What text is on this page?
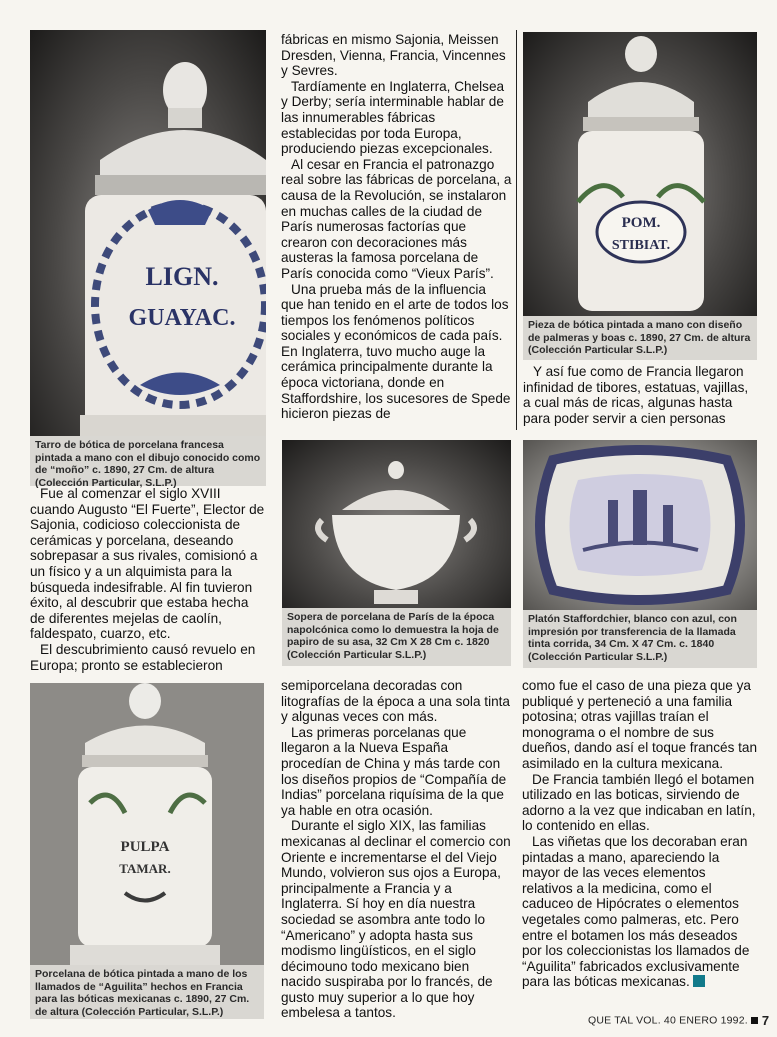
LIGN.
GUAYAC.
Tarro de bótica de porcelana francesa pintada a mano con el dibujo conocido como de “moño” c. 1890, 27 Cm. de altura (Colección Particular, S.L.P.)

Fue al comenzar el siglo XVIII cuando Augusto “El Fuerte”, Elector de Sajonia, codicioso coleccionista de cerámicas y porcelana, deseando sobrepasar a sus rivales, comisionó a un físico y a un alquimista para la búsqueda indesifrable. Al fin tuvieron éxito, al descubrir que estaba hecha de diferentes mejelas de caolín, faldespato, cuarzo, etc.

El descubrimiento causó revuelo en Europa; pronto se establecieron

fábricas en mismo Sajonia, Meissen Dresden, Vienna, Francia, Vincennes y Sevres.

Tardíamente en Inglaterra, Chelsea y Derby; sería interminable hablar de las innumerables fábricas establecidas por toda Europa, produciendo piezas excepcionales.

Al cesar en Francia el patronazgo real sobre las fábricas de porcelana, a causa de la Revolución, se instalaron en muchas calles de la ciudad de París numerosas factorías que crearon con decoraciones más austeras la famosa porcelana de París conocida como “Vieux París”.

Una prueba más de la influencia que han tenido en el arte de todos los tiempos los fenómenos políticos sociales y económicos de cada país. En Inglaterra, tuvo mucho auge la cerámica principalmente durante la época victoriana, donde en Staffordshire, los sucesores de Spede hicieron piezas de

POM.
STIBIAT.
Pieza de bótica pintada a mano con diseño de palmeras y boas c. 1890, 27 Cm. de altura (Colección Particular S.L.P.)

Y así fue como de Francia llegaron infinidad de tibores, estatuas, vajillas, a cual más de ricas, algunas hasta para poder servir a cien personas

Sopera de porcelana de París de la época napolcónica como lo demuestra la hoja de papiro de su asa, 32 Cm X 28 Cm c. 1820 (Colección Particular S.L.P.)
Platón Staffordchier, blanco con azul, con impresión por transferencia de la llamada tinta corrida, 34 Cm. X 47 Cm. c. 1840 (Colección Particular S.L.P.)
PULPA
TAMAR.
Porcelana de bótica pintada a mano de los llamados de “Aguilita” hechos en Francia para las bóticas mexicanas c. 1890, 27 Cm. de altura (Colección Particular, S.L.P.)

semiporcelana decoradas con litografías de la época a una sola tinta y algunas veces con más.

Las primeras porcelanas que llegaron a la Nueva España procedían de China y más tarde con los diseños propios de “Compañía de Indias” porcelana riquísima de la que ya hable en otra ocasión.

Durante el siglo XIX, las familias mexicanas al declinar el comercio con Oriente e incrementarse el del Viejo Mundo, volvieron sus ojos a Europa, principalmente a Francia y a Inglaterra. Sí hoy en día nuestra sociedad se asombra ante todo lo “Americano” y adopta hasta sus modismo lingüísticos, en el siglo décimouno todo mexicano bien nacido suspiraba por lo francés, de gusto muy superior a lo que hoy embelesa a tantos.

como fue el caso de una pieza que ya publiqué y perteneció a una familia potosina; otras vajillas traían el monograma o el nombre de sus dueños, dando así el toque francés tan asimilado en la cultura mexicana.

De Francia también llegó el botamen utilizado en las boticas, sirviendo de adorno a la vez que indicaban en latín, lo contenido en ellas.

Las viñetas que los decoraban eran pintadas a mano, apareciendo la mayor de las veces elementos relativos a la medicina, como el caduceo de Hipócrates o elementos vegetales como palmeras, etc. Pero entre el botamen los más deseados por los coleccionistas los llamados de “Aguilita” fabricados exclusivamente para las bóticas mexicanas.

QUE TAL VOL. 40 ENERO 1992. 7
